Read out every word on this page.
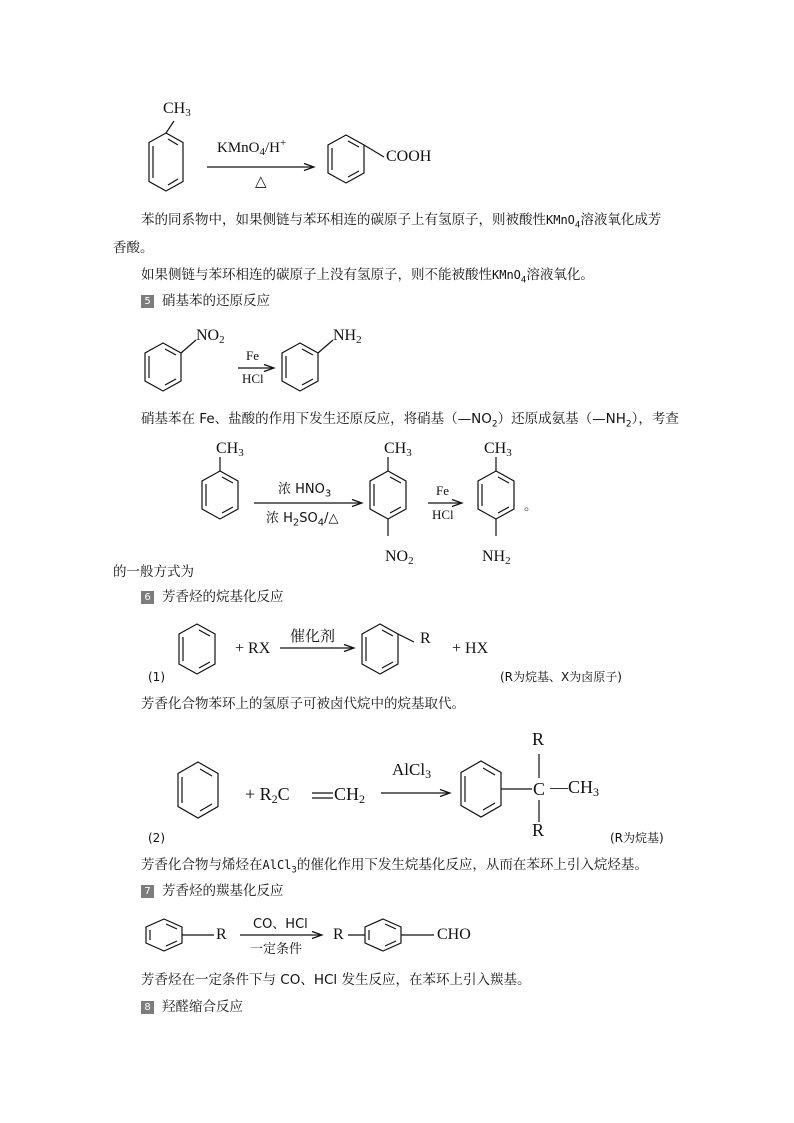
$CH_3$
KMnO$_4$/H+
△
COOH
苯的同系物中，如果侧链与苯环相连的碳原子上有氢原子，则被酸性KMnO$_4$溶液氧化成芳
香酸。
如果侧链与苯环相连的碳原子上没有氢原子，则不能被酸性KMnO$_4$溶液氧化。
5 硝基苯的还原反应
$NO_2$
Fe
HCl
$NH_2$
硝基苯在 Fe、盐酸的作用下发生还原反应，将硝基$(—NO_2)$还原成氨基$(—NH_2)$，考查
$CH_3$
浓 $HNO_3$
浓 $H_2SO_4/\triangle$
$CH_3$
$NO_2$
Fe
HCl
$CH_3$
$NH_2$
。
的一般方式为
6 芳香烃的烷基化反应
(1)
+ RX
催化剂	R
+ HX
(R为烷基、X为卤原子)
芳香化合物苯环上的氢原子可被卤代烷中的烷基取代。
(2)
+ $R_2C$ $CH_2$
AlCl$_3$
R
C $—CH_3$
R	(R为烷基)
芳香化合物与烯烃在AlCl$_3$的催化作用下发生烷基化反应，从而在苯环上引入烷烃基。
7 芳香烃的羰基化反应
R
CO、HCl
一定条件
R	CHO
芳香烃在一定条件下与 CO、HCl 发生反应，在苯环上引入羰基。
8 羟醛缩合反应
